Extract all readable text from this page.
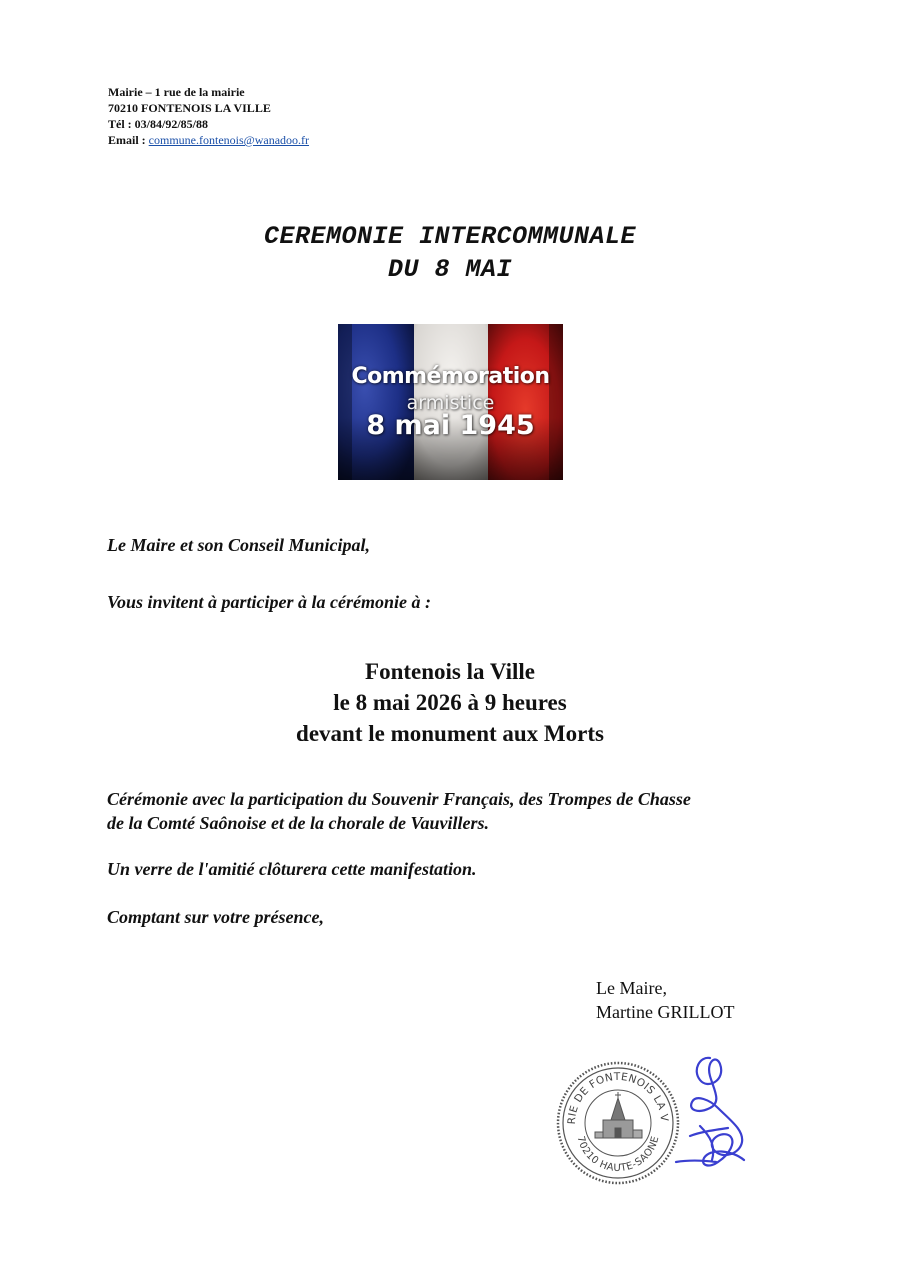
Mairie – 1 rue de la mairie
70210 FONTENOIS LA VILLE
Tél : 03/84/92/85/88
Email : commune.fontenois@wanadoo.fr
CEREMONIE INTERCOMMUNALE
DU 8 MAI
Commémoration
armistice
8 mai 1945
Le Maire et son Conseil Municipal,
Vous invitent à participer à la cérémonie à :
Fontenois la Ville
le 8 mai 2026 à 9 heures
devant le monument aux Morts
Cérémonie avec la participation du Souvenir Français, des Trompes de Chasse
de la Comté Saônoise et de la chorale de Vauvillers.
Un verre de l'amitié clôturera cette manifestation.
Comptant sur votre présence,
Le Maire,
Martine GRILLOT
RIE DE FONTENOIS LA V
70210 HAUTE-SAONE
